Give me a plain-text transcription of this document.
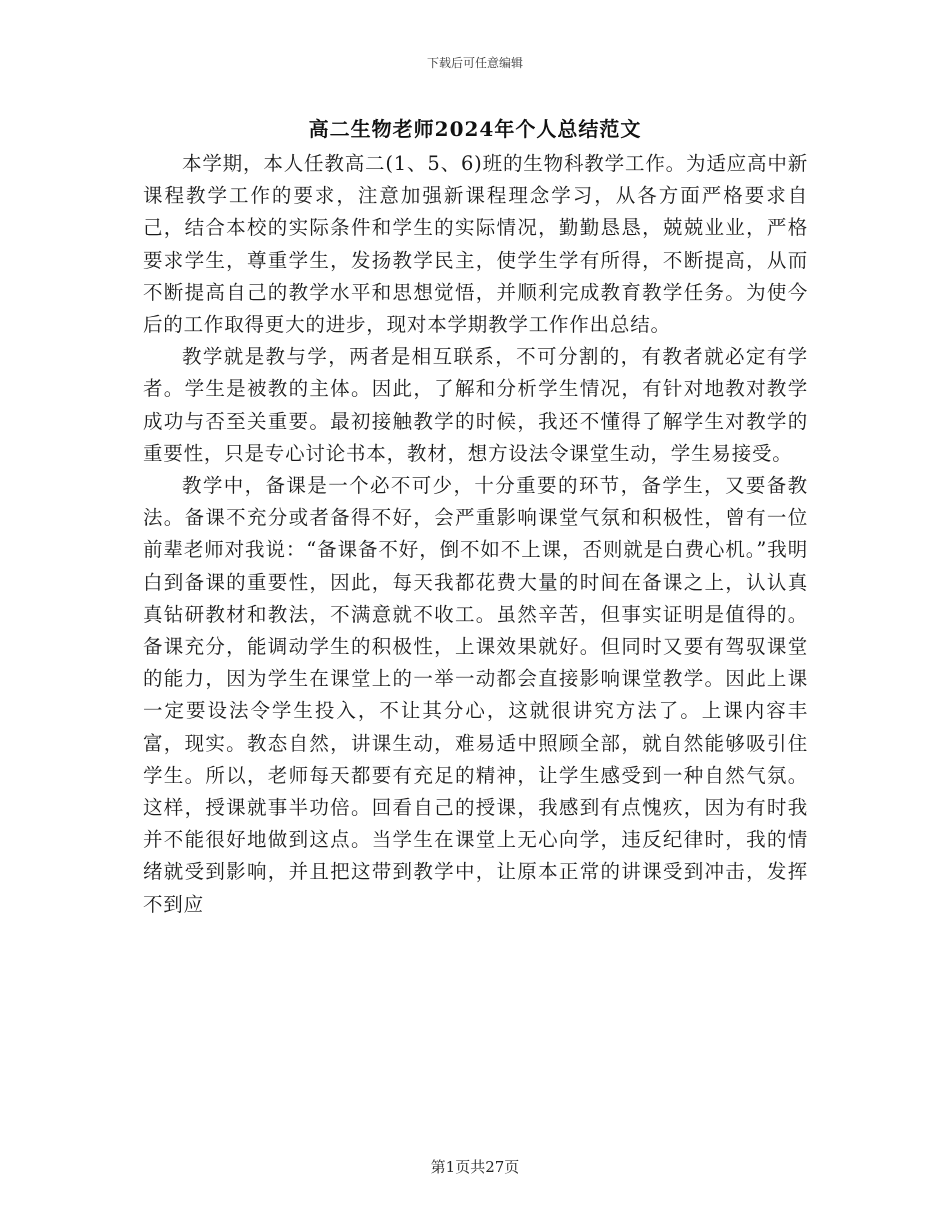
下载后可任意编辑
高二生物老师2024年个人总结范文

本学期，本人任教高二(1、5、6)班的生物科教学工作。为适应高中新课程教学工作的要求，注意加强新课程理念学习，从各方面严格要求自己，结合本校的实际条件和学生的实际情况，勤勤恳恳，兢兢业业，严格要求学生，尊重学生，发扬教学民主，使学生学有所得，不断提高，从而不断提高自己的教学水平和思想觉悟，并顺利完成教育教学任务。为使今后的工作取得更大的进步，现对本学期教学工作作出总结。

教学就是教与学，两者是相互联系，不可分割的，有教者就必定有学者。学生是被教的主体。因此，了解和分析学生情况，有针对地教对教学成功与否至关重要。最初接触教学的时候，我还不懂得了解学生对教学的重要性，只是专心讨论书本，教材，想方设法令课堂生动，学生易接受。

教学中，备课是一个必不可少，十分重要的环节，备学生，又要备教法。备课不充分或者备得不好，会严重影响课堂气氛和积极性，曾有一位前辈老师对我说：“备课备不好，倒不如不上课，否则就是白费心机。”我明白到备课的重要性，因此，每天我都花费大量的时间在备课之上，认认真真钻研教材和教法，不满意就不收工。虽然辛苦，但事实证明是值得的。备课充分，能调动学生的积极性，上课效果就好。但同时又要有驾驭课堂的能力，因为学生在课堂上的一举一动都会直接影响课堂教学。因此上课一定要设法令学生投入，不让其分心，这就很讲究方法了。上课内容丰富，现实。教态自然，讲课生动，难易适中照顾全部，就自然能够吸引住学生。所以，老师每天都要有充足的精神，让学生感受到一种自然气氛。这样，授课就事半功倍。回看自己的授课，我感到有点愧疚，因为有时我并不能很好地做到这点。当学生在课堂上无心向学，违反纪律时，我的情绪就受到影响，并且把这带到教学中，让原本正常的讲课受到冲击，发挥不到应

第1页共27页
